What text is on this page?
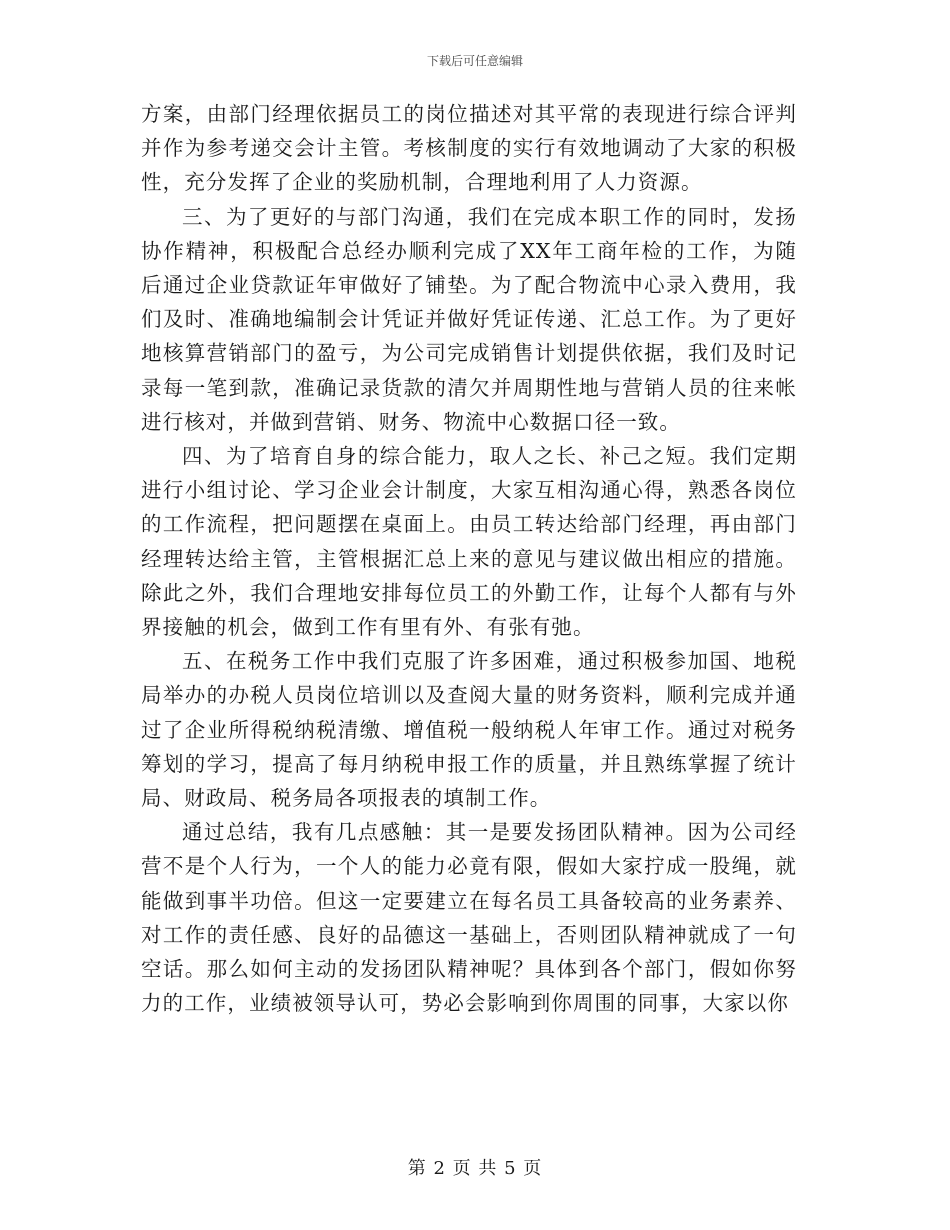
下载后可任意编辑

方案，由部门经理依据员工的岗位描述对其平常的表现进行综合评判并作为参考递交会计主管。考核制度的实行有效地调动了大家的积极性，充分发挥了企业的奖励机制，合理地利用了人力资源。

三、为了更好的与部门沟通，我们在完成本职工作的同时，发扬协作精神，积极配合总经办顺利完成了XX年工商年检的工作，为随后通过企业贷款证年审做好了铺垫。为了配合物流中心录入费用，我们及时、准确地编制会计凭证并做好凭证传递、汇总工作。为了更好地核算营销部门的盈亏，为公司完成销售计划提供依据，我们及时记录每一笔到款，准确记录货款的清欠并周期性地与营销人员的往来帐进行核对，并做到营销、财务、物流中心数据口径一致。

四、为了培育自身的综合能力，取人之长、补己之短。我们定期进行小组讨论、学习企业会计制度，大家互相沟通心得，熟悉各岗位的工作流程，把问题摆在桌面上。由员工转达给部门经理，再由部门经理转达给主管，主管根据汇总上来的意见与建议做出相应的措施。除此之外，我们合理地安排每位员工的外勤工作，让每个人都有与外界接触的机会，做到工作有里有外、有张有弛。

五、在税务工作中我们克服了许多困难，通过积极参加国、地税局举办的办税人员岗位培训以及查阅大量的财务资料，顺利完成并通过了企业所得税纳税清缴、增值税一般纳税人年审工作。通过对税务筹划的学习，提高了每月纳税申报工作的质量，并且熟练掌握了统计局、财政局、税务局各项报表的填制工作。

通过总结，我有几点感触：其一是要发扬团队精神。因为公司经营不是个人行为，一个人的能力必竟有限，假如大家拧成一股绳，就能做到事半功倍。但这一定要建立在每名员工具备较高的业务素养、对工作的责任感、良好的品德这一基础上，否则团队精神就成了一句空话。那么如何主动的发扬团队精神呢？具体到各个部门，假如你努力的工作，业绩被领导认可，势必会影响到你周围的同事，大家以你

第 2 页 共 5 页
